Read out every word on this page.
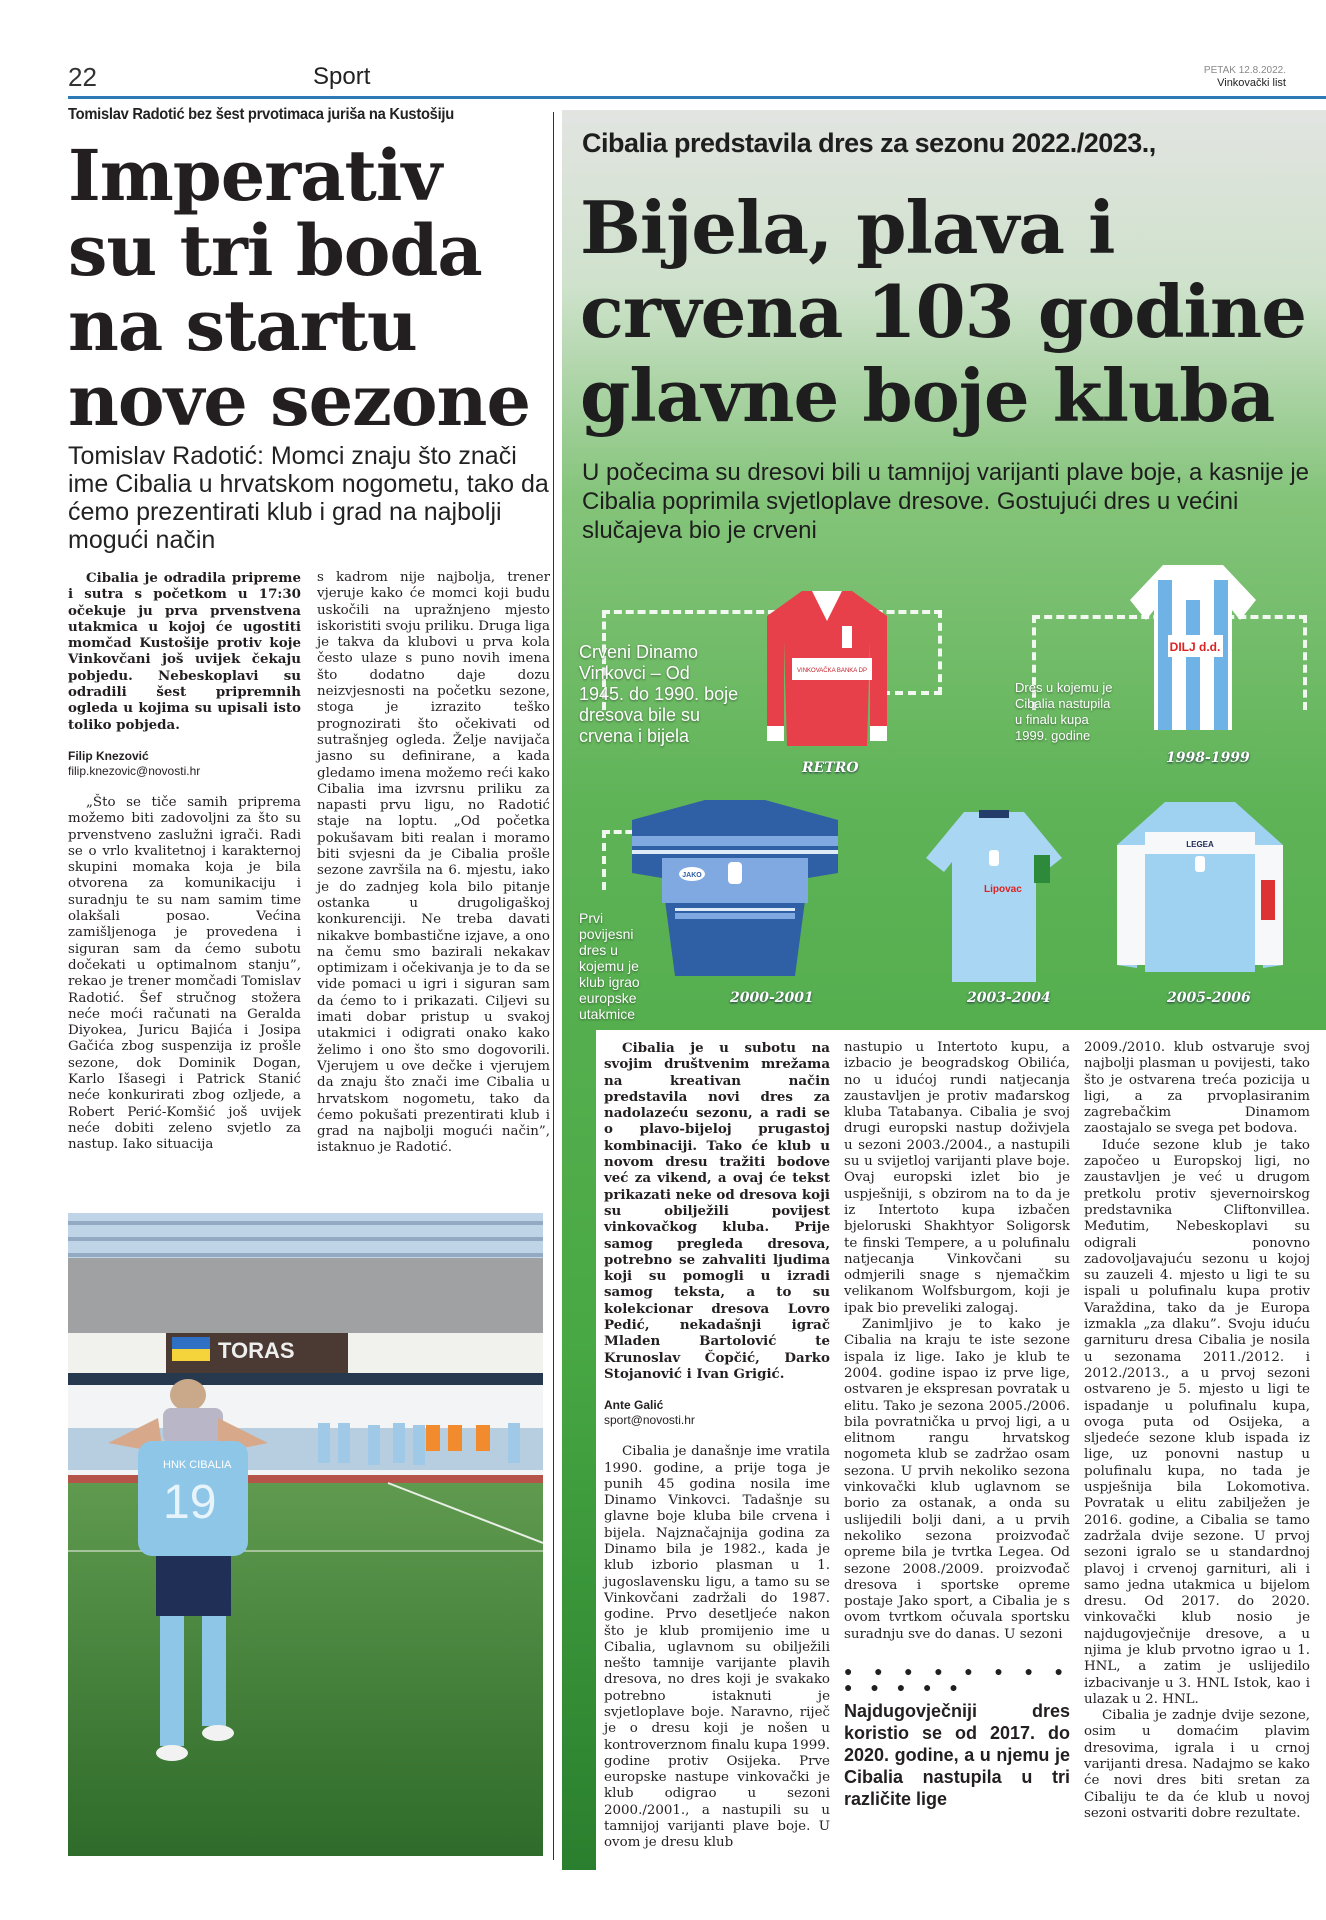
22	Sport	PETAK 12.8.2022.
Vinkovački list
Tomislav Radotić bez šest prvotimaca juriša na Kustošiju
Imperativ su tri boda na startu nove sezone
Tomislav Radotić: Momci znaju što znači ime Cibalia u hrvatskom nogometu, tako da ćemo prezentirati klub i grad na najbolji mogući način

Cibalia je odradila pripreme i sutra s početkom u 17:30 očekuje ju prva prvenstvena utakmica u kojoj će ugostiti momčad Kustošije protiv koje Vinkovčani još uvijek čekaju pobjedu. Nebeskoplavi su odradili šest pripremnih ogleda u kojima su upisali isto toliko pobjeda.

Filip Knezović
filip.knezovic@novosti.hr

„Što se tiče samih priprema možemo biti zadovoljni za što su prvenstveno zaslužni igrači. Radi se o vrlo kvalitetnoj i karakternoj skupini momaka koja je bila otvorena za komunikaciju i suradnju te su nam samim time olakšali posao. Većina zamišljenoga je provedena i siguran sam da ćemo subotu dočekati u optimalnom stanju”, rekao je trener momčadi Tomislav Radotić. Šef stručnog stožera neće moći računati na Geralda Diyokea, Juricu Bajića i Josipa Gačića zbog suspenzija iz prošle sezone, dok Dominik Dogan, Karlo Išasegi i Patrick Stanić neće konkurirati zbog ozljede, a Robert Perić-Komšić još uvijek neće dobiti zeleno svjetlo za nastup. Iako situacija

s kadrom nije najbolja, trener vjeruje kako će momci koji budu uskočili na upražnjeno mjesto iskoristiti svoju priliku. Druga liga je takva da klubovi u prva kola često ulaze s puno novih imena što dodatno daje dozu neizvjesnosti na početku sezone, stoga je izrazito teško prognozirati što očekivati od sutrašnjeg ogleda. Želje navijača jasno su definirane, a kada gledamo imena možemo reći kako Cibalia ima izvrsnu priliku za napasti prvu ligu, no Radotić staje na loptu. „Od početka pokušavam biti realan i moramo biti svjesni da je Cibalia prošle sezone završila na 6. mjestu, iako je do zadnjeg kola bilo pitanje ostanka u drugoligaškoj konkurenciji. Ne treba davati nikakve bombastične izjave, a ono na čemu smo bazirali nekakav optimizam i očekivanja je to da se vide pomaci u igri i siguran sam da ćemo to i prikazati. Ciljevi su imati dobar pristup u svakoj utakmici i odigrati onako kako želimo i ono što smo dogovorili. Vjerujem u ove dečke i vjerujem da znaju što znači ime Cibalia u hrvatskom nogometu, tako da ćemo pokušati prezentirati klub i grad na najbolji mogući način”, istaknuo je Radotić.

TORAS
HNK CIBALIA
19
Cibalia predstavila dres za sezonu 2022./2023.,
Bijela, plava i crvena 103 godine glavne boje kluba
U počecima su dresovi bili u tamnijoj varijanti plave boje, a kasnije je Cibalia poprimila svjetloplave dresove. Gostujući dres u većini slučajeva bio je crveni
Crveni Dinamo Vinkovci – Od 1945. do 1990. boje dresova bile su crvena i bijela
Dres u kojemu je Cibalia nastupila u finalu kupa 1999. godine
Prvi povijesni dres u kojemu je klub igrao europske utakmice
VINKOVAČKA BANKA DP
RETRO
DILJ d.d.
1998-1999
JAKO
2000-2001
Lipovac
2003-2004
LEGEA
2005-2006

Cibalia je u subotu na svojim društvenim mrežama na kreativan način predstavila novi dres za nadolazeću sezonu, a radi se o plavo-bijeloj prugastoj kombinaciji. Tako će klub u novom dresu tražiti bodove već za vikend, a ovaj će tekst prikazati neke od dresova koji su obilježili povijest vinkovačkog kluba. Prije samog pregleda dresova, potrebno se zahvaliti ljudima koji su pomogli u izradi samog teksta, a to su kolekcionar dresova Lovro Pedić, nekadašnji igrač Mladen Bartolović te Krunoslav Čopčić, Darko Stojanović i Ivan Grigić.

Ante Galić
sport@novosti.hr

Cibalia je današnje ime vratila 1990. godine, a prije toga je punih 45 godina nosila ime Dinamo Vinkovci. Tadašnje su glavne boje kluba bile crvena i bijela. Najznačajnija godina za Dinamo bila je 1982., kada je klub izborio plasman u 1. jugoslavensku ligu, a tamo su se Vinkovčani zadržali do 1987. godine. Prvo desetljeće nakon što je klub promijenio ime u Cibalia, uglavnom su obilježili nešto tamnije varijante plavih dresova, no dres koji je svakako potrebno istaknuti je svjetloplave boje. Naravno, riječ je o dresu koji je nošen u kontroverznom finalu kupa 1999. godine protiv Osijeka. Prve europske nastupe vinkovački je klub odigrao u sezoni 2000./2001., a nastupili su u tamnijoj varijanti plave boje. U ovom je dresu klub

nastupio u Intertoto kupu, a izbacio je beogradskog Obilića, no u idućoj rundi natjecanja zaustavljen je protiv mađarskog kluba Tatabanya. Cibalia je svoj drugi europski nastup doživjela u sezoni 2003./2004., a nastupili su u svijetloj varijanti plave boje. Ovaj europski izlet bio je uspješniji, s obzirom na to da je iz Intertoto kupa izbačen bjeloruski Shakhtyor Soligorsk te finski Tempere, a u polufinalu natjecanja Vinkovčani su odmjerili snage s njemačkim velikanom Wolfsburgom, koji je ipak bio preveliki zalogaj.

Zanimljivo je to kako je Cibalia na kraju te iste sezone ispala iz lige. Iako je klub te 2004. godine ispao iz prve lige, ostvaren je ekspresan povratak u elitu. Tako je sezona 2005./2006. bila povratnička u prvoj ligi, a u elitnom rangu hrvatskog nogometa klub se zadržao osam sezona. U prvih nekoliko sezona vinkovački klub uglavnom se borio za ostanak, a onda su uslijedili bolji dani, a u prvih nekoliko sezona proizvođač opreme bila je tvrtka Legea. Od sezone 2008./2009. proizvođač dresova i sportske opreme postaje Jako sport, a Cibalia je s ovom tvrtkom očuvala sportsku suradnju sve do danas. U sezoni

● ● ● ● ● ● ● ● ● ● ● ● ●
Najdugovječniji dres koristio se od 2017. do 2020. godine, a u njemu je Cibalia nastupila u tri različite lige

2009./2010. klub ostvaruje svoj najbolji plasman u povijesti, tako što je ostvarena treća pozicija u ligi, a za prvoplasiranim zagrebačkim Dinamom zaostajalo se svega pet bodova.

Iduće sezone klub je tako započeo u Europskoj ligi, no zaustavljen je već u drugom pretkolu protiv sjevernoirskog predstavnika Cliftonvillea. Međutim, Nebeskoplavi su odigrali ponovno zadovoljavajuću sezonu u kojoj su zauzeli 4. mjesto u ligi te su ispali u polufinalu kupa protiv Varaždina, tako da je Europa izmakla „za dlaku”. Svoju iduću garnituru dresa Cibalia je nosila u sezonama 2011./2012. i 2012./2013., a u prvoj sezoni ostvareno je 5. mjesto u ligi te ispadanje u polufinalu kupa, ovoga puta od Osijeka, a sljedeće sezone klub ispada iz lige, uz ponovni nastup u polufinalu kupa, no tada je uspješnija bila Lokomotiva. Povratak u elitu zabilježen je 2016. godine, a Cibalia se tamo zadržala dvije sezone. U prvoj sezoni igralo se u standardnoj plavoj i crvenoj garnituri, ali i samo jedna utakmica u bijelom dresu. Od 2017. do 2020. vinkovački klub nosio je najdugovječnije dresove, a u njima je klub prvotno igrao u 1. HNL, a zatim je uslijedilo izbacivanje u 3. HNL Istok, kao i ulazak u 2. HNL.

Cibalia je zadnje dvije sezone, osim u domaćim plavim dresovima, igrala i u crnoj varijanti dresa. Nadajmo se kako će novi dres biti sretan za Cibaliju te da će klub u novoj sezoni ostvariti dobre rezultate.
